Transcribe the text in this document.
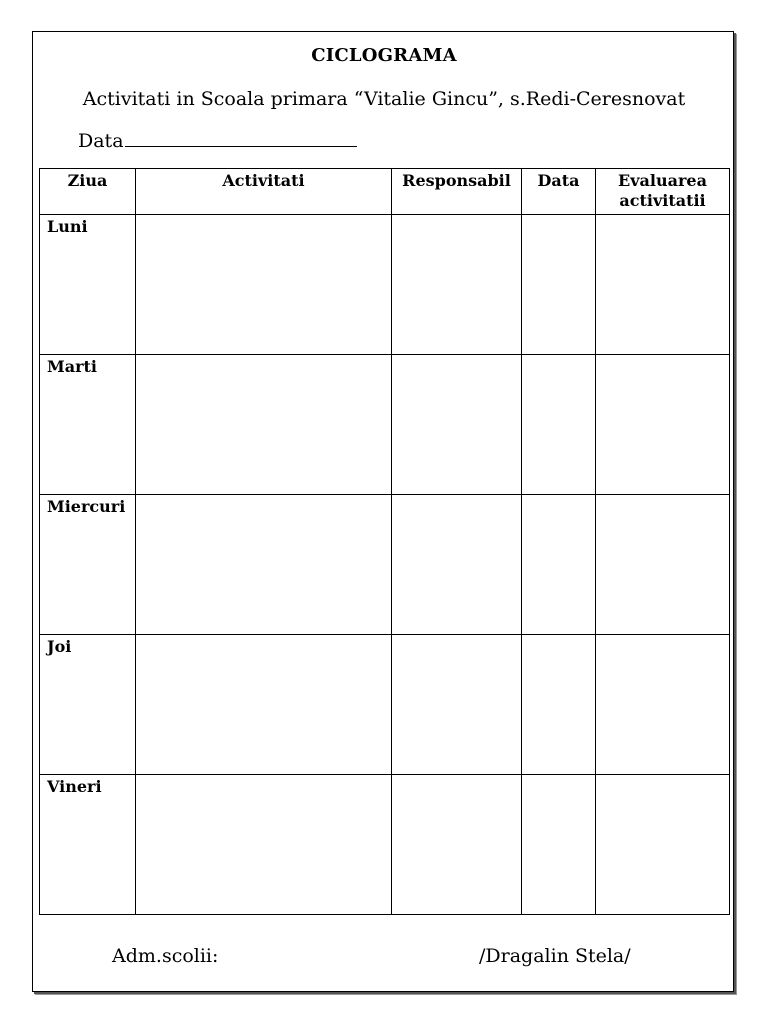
CICLOGRAMA
Activitati in Scoala primara “Vitalie Gincu”, s.Redi-Ceresnovat
Data
Ziua	Activitati	Responsabil	Data	Evaluarea activitatii
Luni				
Marti				
Miercuri				
Joi				
Vineri				
Adm.scolii:	/Dragalin Stela/
